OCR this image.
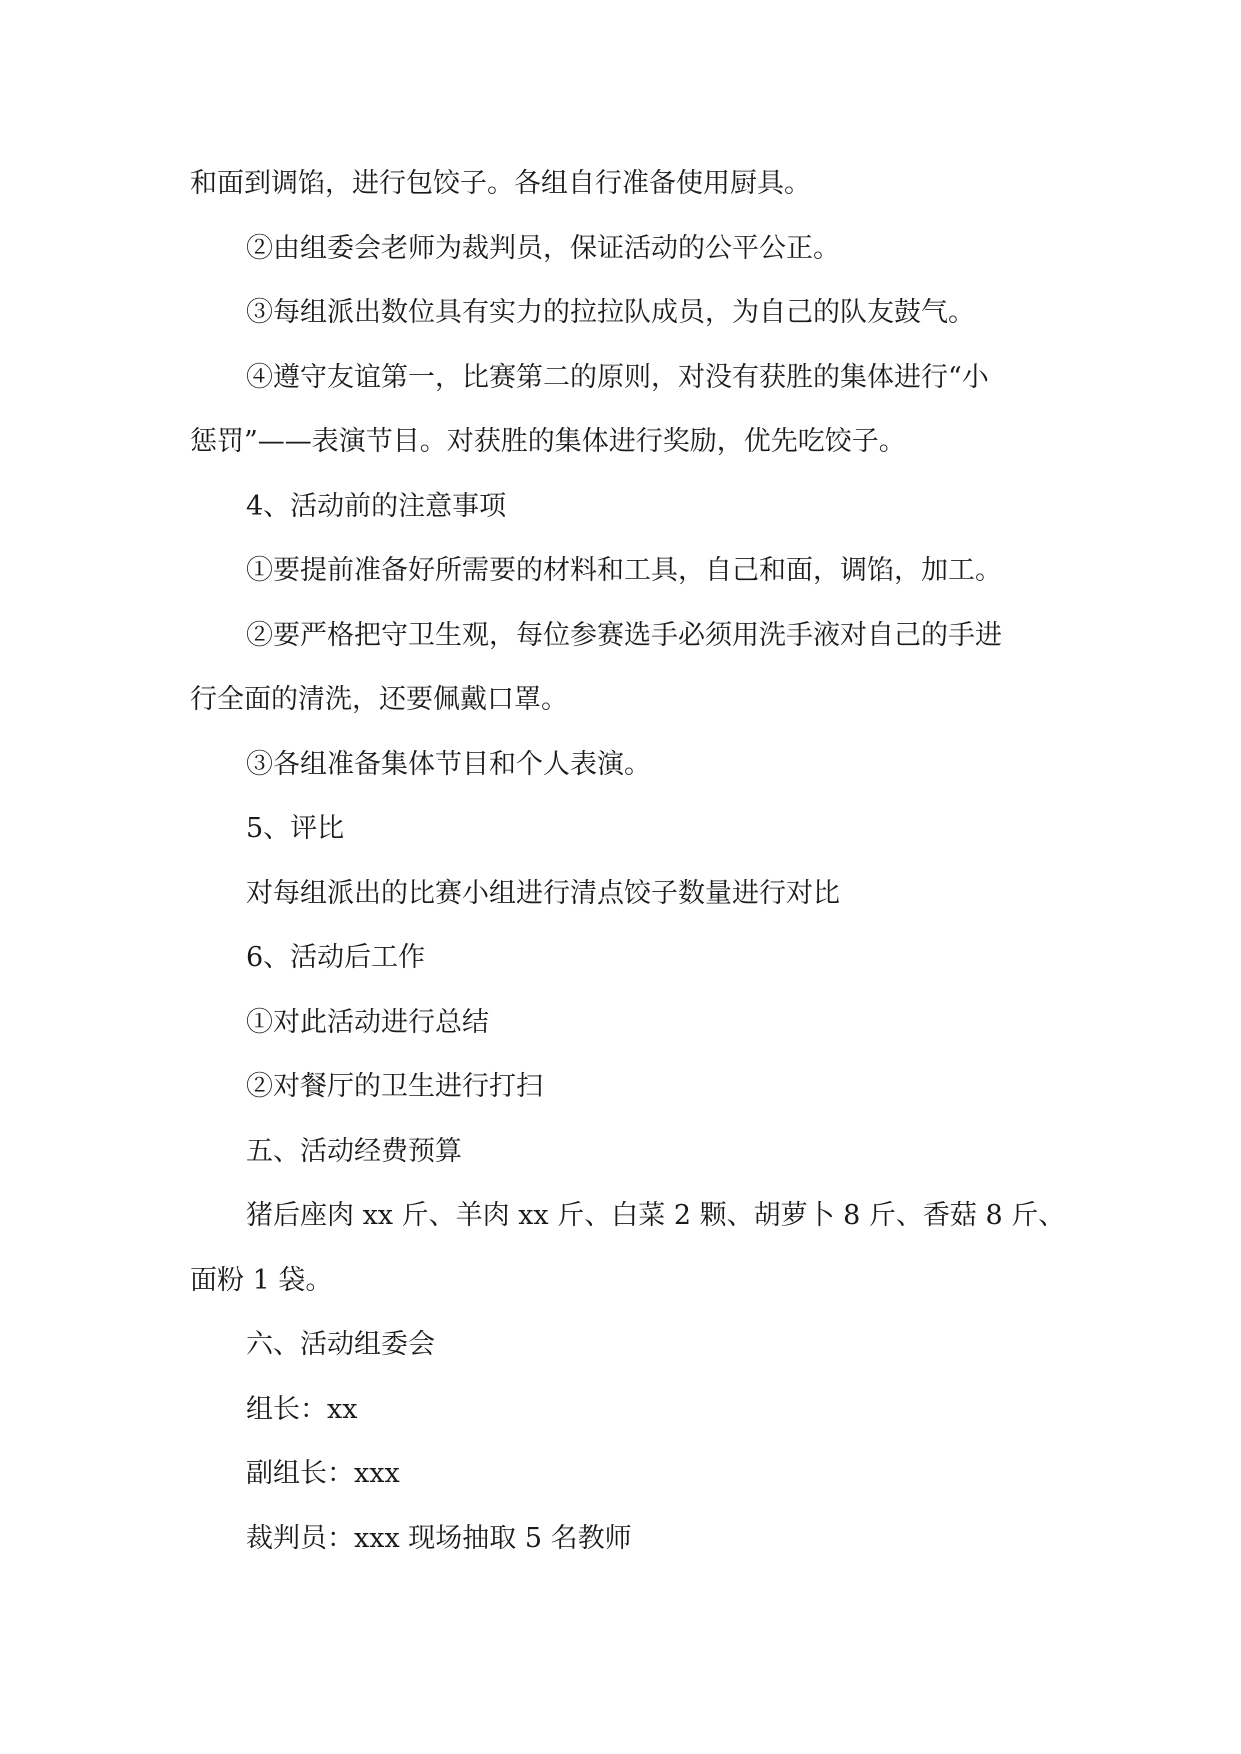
和面到调馅，进行包饺子。各组自行准备使用厨具。

②由组委会老师为裁判员，保证活动的公平公正。

③每组派出数位具有实力的拉拉队成员，为自己的队友鼓气。

④遵守友谊第一，比赛第二的原则，对没有获胜的集体进行“小

惩罚”——表演节目。对获胜的集体进行奖励，优先吃饺子。

4、活动前的注意事项

①要提前准备好所需要的材料和工具，自己和面，调馅，加工。

②要严格把守卫生观，每位参赛选手必须用洗手液对自己的手进

行全面的清洗，还要佩戴口罩。

③各组准备集体节目和个人表演。

5、评比

对每组派出的比赛小组进行清点饺子数量进行对比

6、活动后工作

①对此活动进行总结

②对餐厅的卫生进行打扫

五、活动经费预算

猪后座肉 xx 斤、羊肉 xx 斤、白菜 2 颗、胡萝卜 8 斤、香菇 8 斤、

面粉 1 袋。

六、活动组委会

组长：xx

副组长：xxx

裁判员：xxx 现场抽取 5 名教师
